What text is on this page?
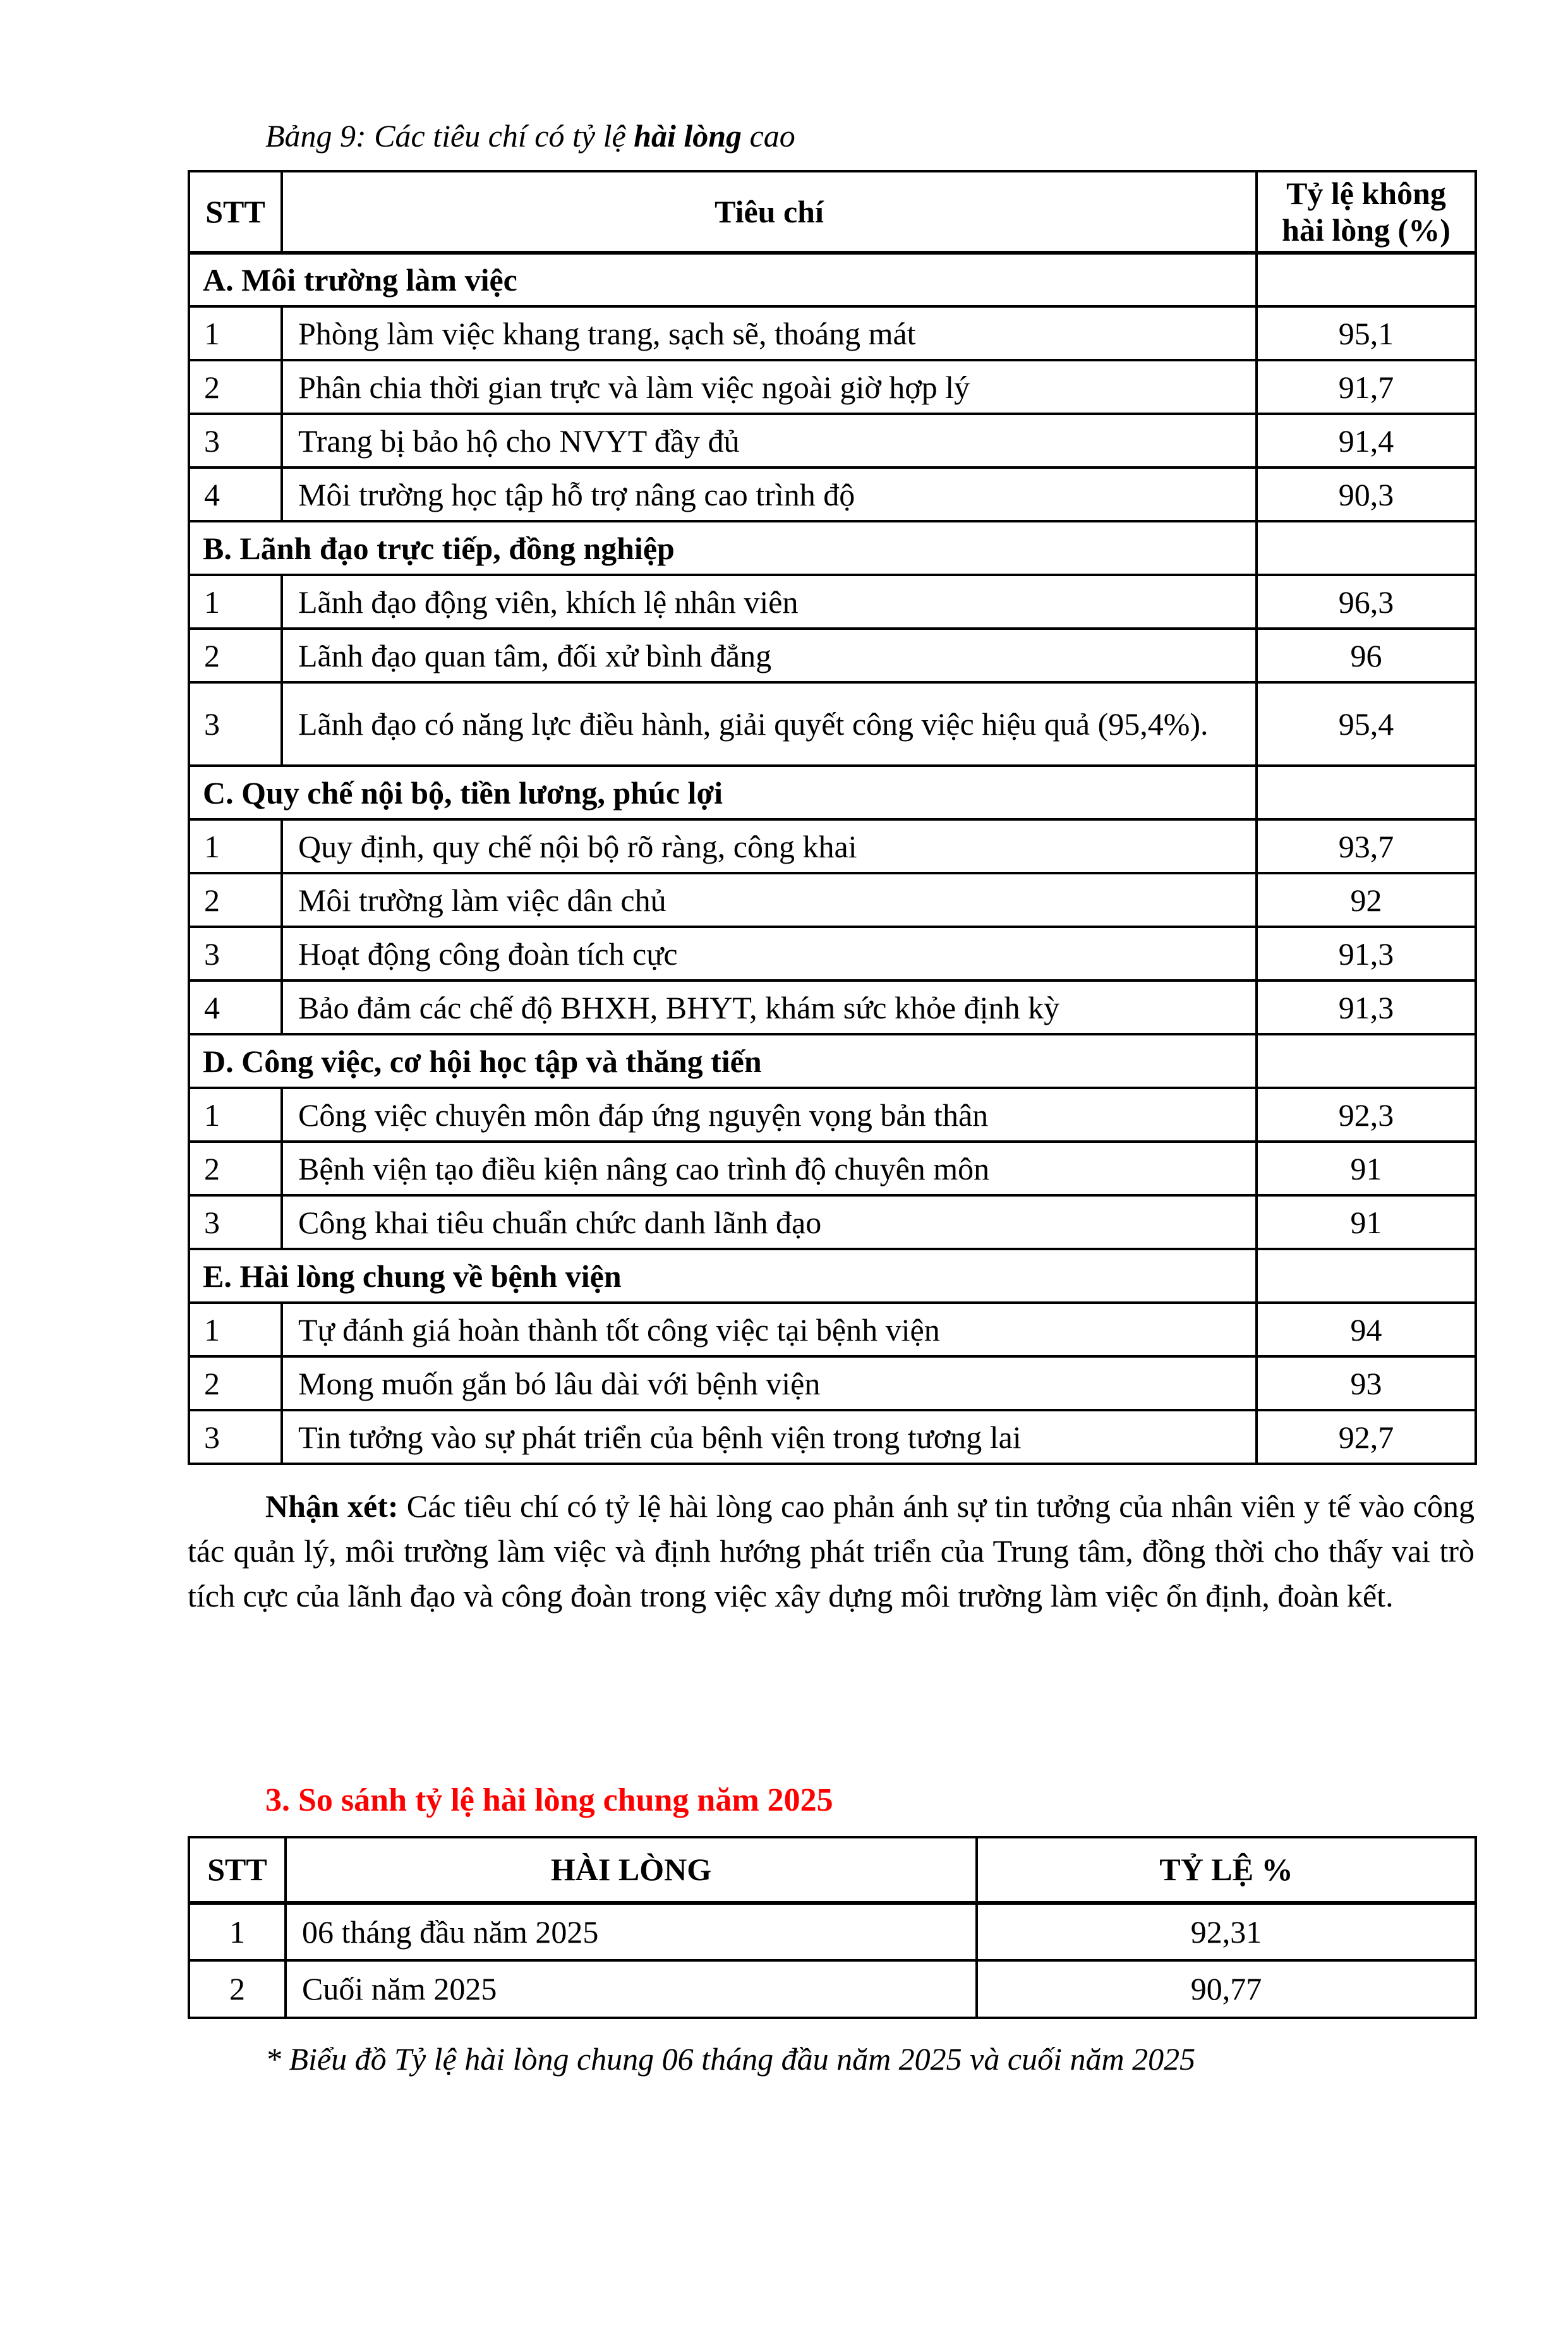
Bảng 9: Các tiêu chí có tỷ lệ hài lòng cao
STT	Tiêu chí	Tỷ lệ không hài lòng (%)
A. Môi trường làm việc		
1	Phòng làm việc khang trang, sạch sẽ, thoáng mát	95,1
2	Phân chia thời gian trực và làm việc ngoài giờ hợp lý	91,7
3	Trang bị bảo hộ cho NVYT đầy đủ	91,4
4	Môi trường học tập hỗ trợ nâng cao trình độ	90,3
B. Lãnh đạo trực tiếp, đồng nghiệp		
1	Lãnh đạo động viên, khích lệ nhân viên	96,3
2	Lãnh đạo quan tâm, đối xử bình đẳng	96
3	Lãnh đạo có năng lực điều hành, giải quyết công việc hiệu quả (95,4%).	95,4
C. Quy chế nội bộ, tiền lương, phúc lợi		
1	Quy định, quy chế nội bộ rõ ràng, công khai	93,7
2	Môi trường làm việc dân chủ	92
3	Hoạt động công đoàn tích cực	91,3
4	Bảo đảm các chế độ BHXH, BHYT, khám sức khỏe định kỳ	91,3
D. Công việc, cơ hội học tập và thăng tiến		
1	Công việc chuyên môn đáp ứng nguyện vọng bản thân	92,3
2	Bệnh viện tạo điều kiện nâng cao trình độ chuyên môn	91
3	Công khai tiêu chuẩn chức danh lãnh đạo	91
E. Hài lòng chung về bệnh viện		
1	Tự đánh giá hoàn thành tốt công việc tại bệnh viện	94
2	Mong muốn gắn bó lâu dài với bệnh viện	93
3	Tin tưởng vào sự phát triển của bệnh viện trong tương lai	92,7

Nhận xét: Các tiêu chí có tỷ lệ hài lòng cao phản ánh sự tin tưởng của nhân viên y tế vào công tác quản lý, môi trường làm việc và định hướng phát triển của Trung tâm, đồng thời cho thấy vai trò tích cực của lãnh đạo và công đoàn trong việc xây dựng môi trường làm việc ổn định, đoàn kết.

3. So sánh tỷ lệ hài lòng chung năm 2025
STT	HÀI LÒNG	TỶ LỆ %
1	06 tháng đầu năm 2025	92,31
2	Cuối năm 2025	90,77

* Biểu đồ Tỷ lệ hài lòng chung 06 tháng đầu năm 2025 và cuối năm 2025
